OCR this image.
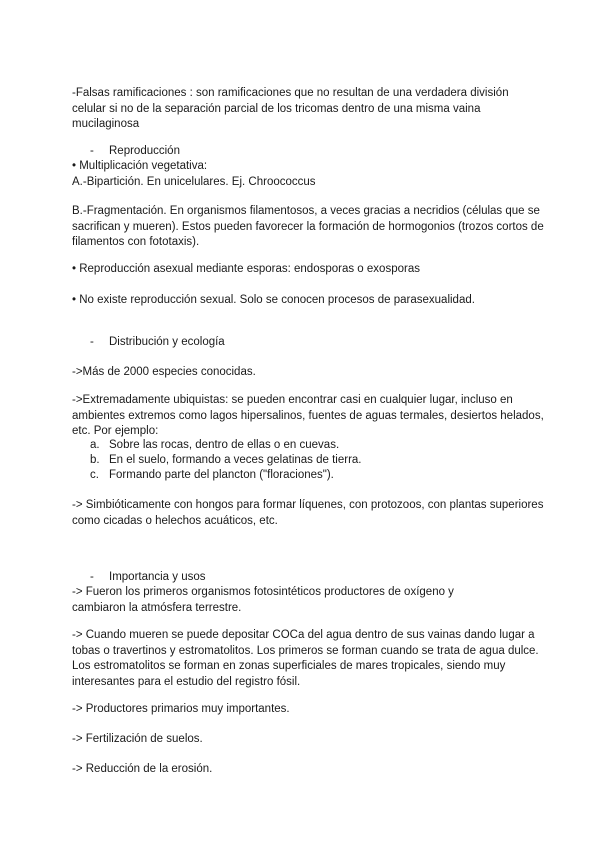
-Falsas ramificaciones : son ramificaciones que no resultan de una verdadera división
celular si no de la separación parcial de los tricomas dentro de una misma vaina
mucilaginosa

- Reproducción

• Multiplicación vegetativa:
A.-Bipartición. En unicelulares. Ej. Chroococcus

B.-Fragmentación. En organismos filamentosos, a veces gracias a necridios (células que se
sacrifican y mueren). Estos pueden favorecer la formación de hormogonios (trozos cortos de
filamentos con fototaxis).

• Reproducción asexual mediante esporas: endosporas o exosporas

• No existe reproducción sexual. Solo se conocen procesos de parasexualidad.

- Distribución y ecología

->Más de 2000 especies conocidas.

->Extremadamente ubiquistas: se pueden encontrar casi en cualquier lugar, incluso en
ambientes extremos como lagos hipersalinos, fuentes de aguas termales, desiertos helados,
etc. Por ejemplo:

a. Sobre las rocas, dentro de ellas o en cuevas.
b. En el suelo, formando a veces gelatinas de tierra.
c. Formando parte del plancton ("floraciones").

-> Simbióticamente con hongos para formar líquenes, con protozoos, con plantas superiores
como cicadas o helechos acuáticos, etc.

- Importancia y usos

-> Fueron los primeros organismos fotosintéticos productores de oxígeno y
cambiaron la atmósfera terrestre.

-> Cuando mueren se puede depositar COCa del agua dentro de sus vainas dando lugar a
tobas o travertinos y estromatolitos. Los primeros se forman cuando se trata de agua dulce.
Los estromatolitos se forman en zonas superficiales de mares tropicales, siendo muy
interesantes para el estudio del registro fósil.

-> Productores primarios muy importantes.

-> Fertilización de suelos.

-> Reducción de la erosión.
